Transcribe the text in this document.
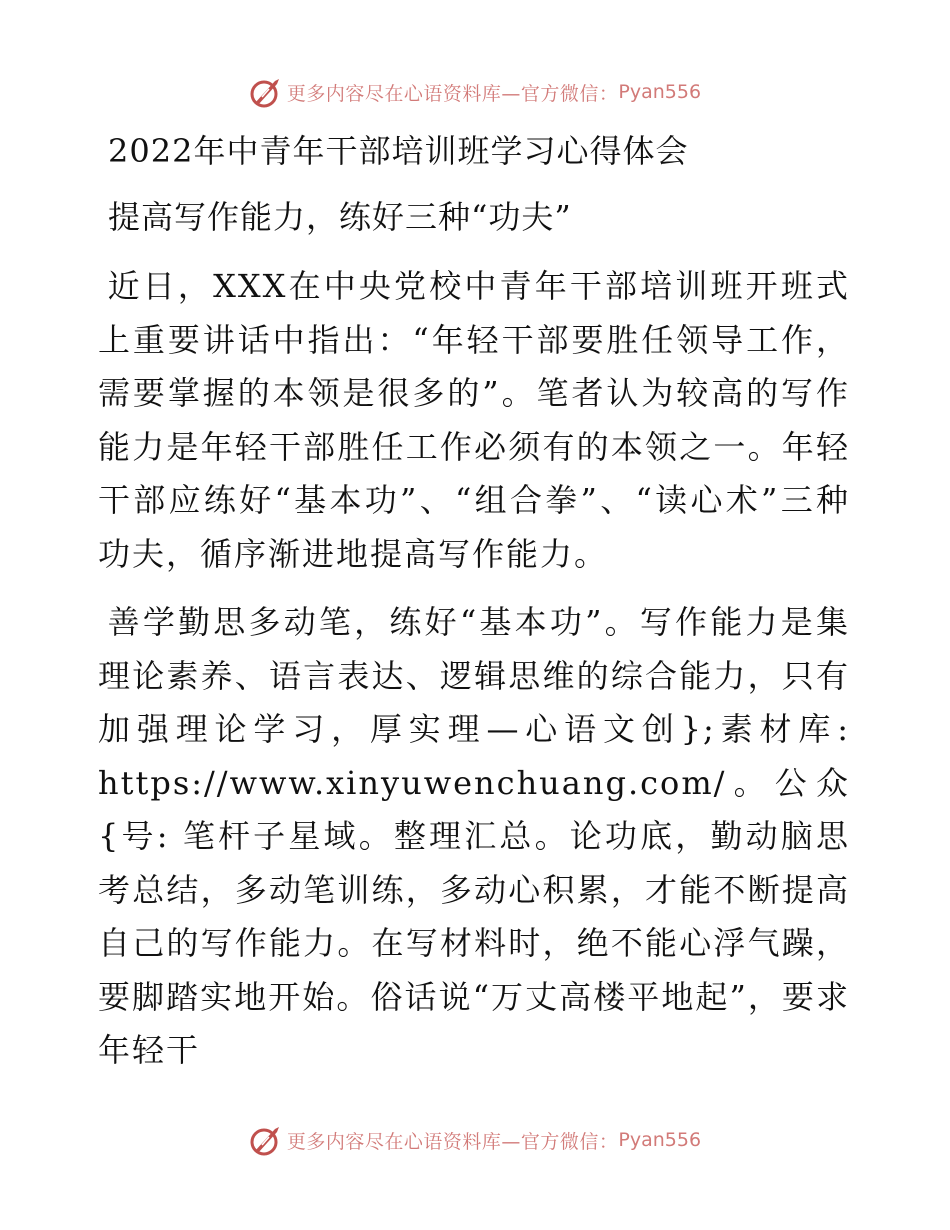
更多内容尽在心语资料库—官方微信： Pyan556
2022年中青年干部培训班学习心得体会
提高写作能力，练好三种“功夫”

近日，XXX在中央党校中青年干部培训班开班式上重要讲话中指出：“年轻干部要胜任领导工作，需要掌握的本领是很多的”。笔者认为较高的写作能力是年轻干部胜任工作必须有的本领之一。年轻干部应练好“基本功”、“组合拳”、“读心术”三种功夫，循序渐进地提高写作能力。

善学勤思多动笔，练好“基本功”。写作能力是集理论素养、语言表达、逻辑思维的综合能力，只有加强理论学习，厚实理—心语文创};素材库: https://www.xinyuwenchuang.com/。公众{号: 笔杆子星域。整理汇总。论功底，勤动脑思考总结，多动笔训练，多动心积累，才能不断提高自己的写作能力。在写材料时，绝不能心浮气躁，要脚踏实地开始。俗话说“万丈高楼平地起”，要求年轻干

更多内容尽在心语资料库—官方微信： Pyan556
